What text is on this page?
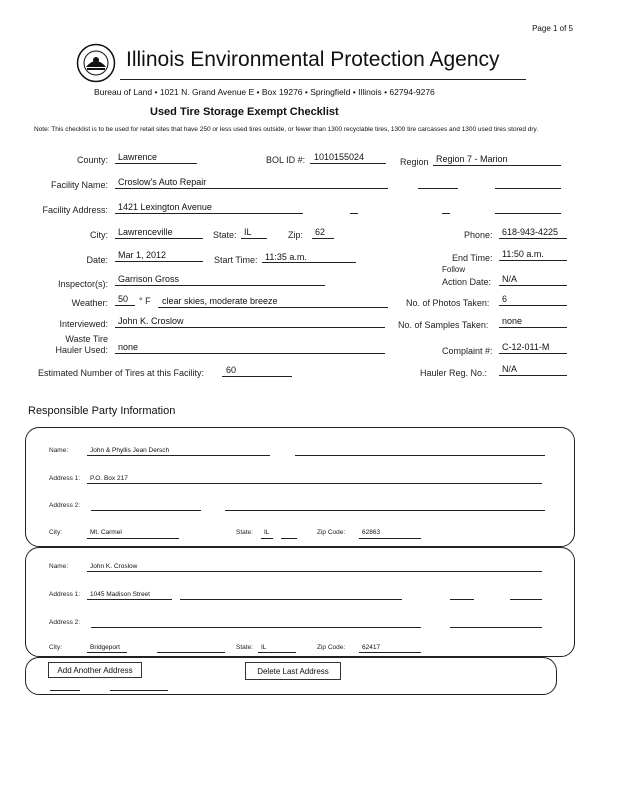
Page 1 of 5
Illinois Environmental Protection Agency
Bureau of Land • 1021 N. Grand Avenue E • Box 19276 • Springfield • Illinois • 62794-9276
Used Tire Storage Exempt Checklist
Note: This checklist is to be used for retail sites that have 250 or less used tires outside, or fewer than 1300 recyclable tires, 1300 tire carcasses and 1300 used tires stored dry.
County: Lawrence	BOL ID #: 1010155024	Region Region 7 - Marion
Facility Name: Croslow's Auto Repair
Facility Address: 1421 Lexington Avenue
City: Lawrenceville	State: IL	Zip: 62	Phone: 618-943-4225
Date: Mar 1, 2012	Start Time: 11:35 a.m.	End Time: 11:50 a.m.
Inspector(s): Garrison Gross
Follow
Action Date: N/A
Weather: 50 ° F clear skies, moderate breeze	No. of Photos Taken: 6
Interviewed: John K. Croslow	No. of Samples Taken: none
Waste Tire
Hauler Used: none	Complaint #: C-12-011-M
Estimated Number of Tires at this Facility: 60	Hauler Reg. No.: N/A
Responsible Party Information
Name:	John & Phyllis Jean Dersch
Address 1: P.O. Box 217
Address 2:
City:	Mt. Carmel	State: IL	Zip Code:	62863
Name:	John K. Croslow
Address 1: 1045 Madison Street
Address 2:
City:	Bridgeport	State: IL	Zip Code:	62417
Add Another Address	Delete Last Address
